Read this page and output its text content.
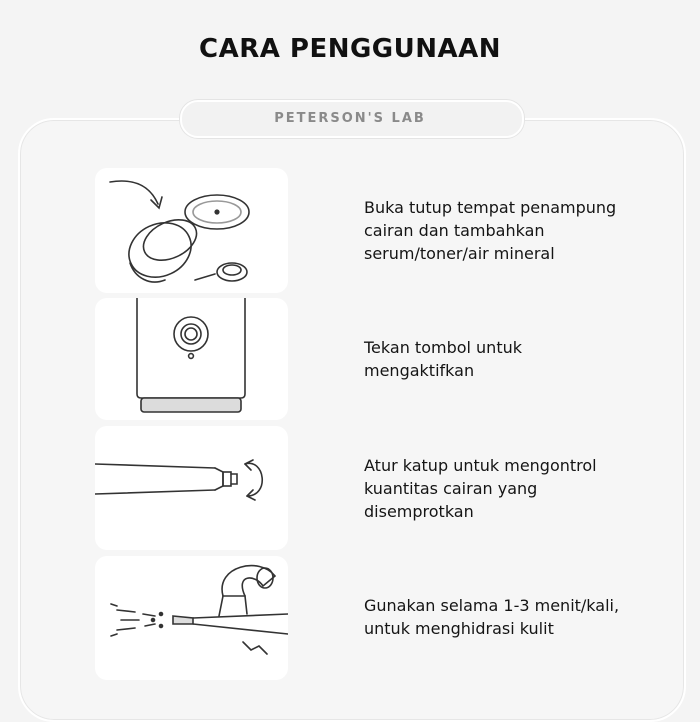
CARA PENGGUNAAN
PETERSON'S LAB
Buka tutup tempat penampung
cairan dan tambahkan
serum/toner/air mineral
Tekan tombol untuk
mengaktifkan
Atur katup untuk mengontrol
kuantitas cairan yang
disemprotkan
Gunakan selama 1-3 menit/kali,
untuk menghidrasi kulit
